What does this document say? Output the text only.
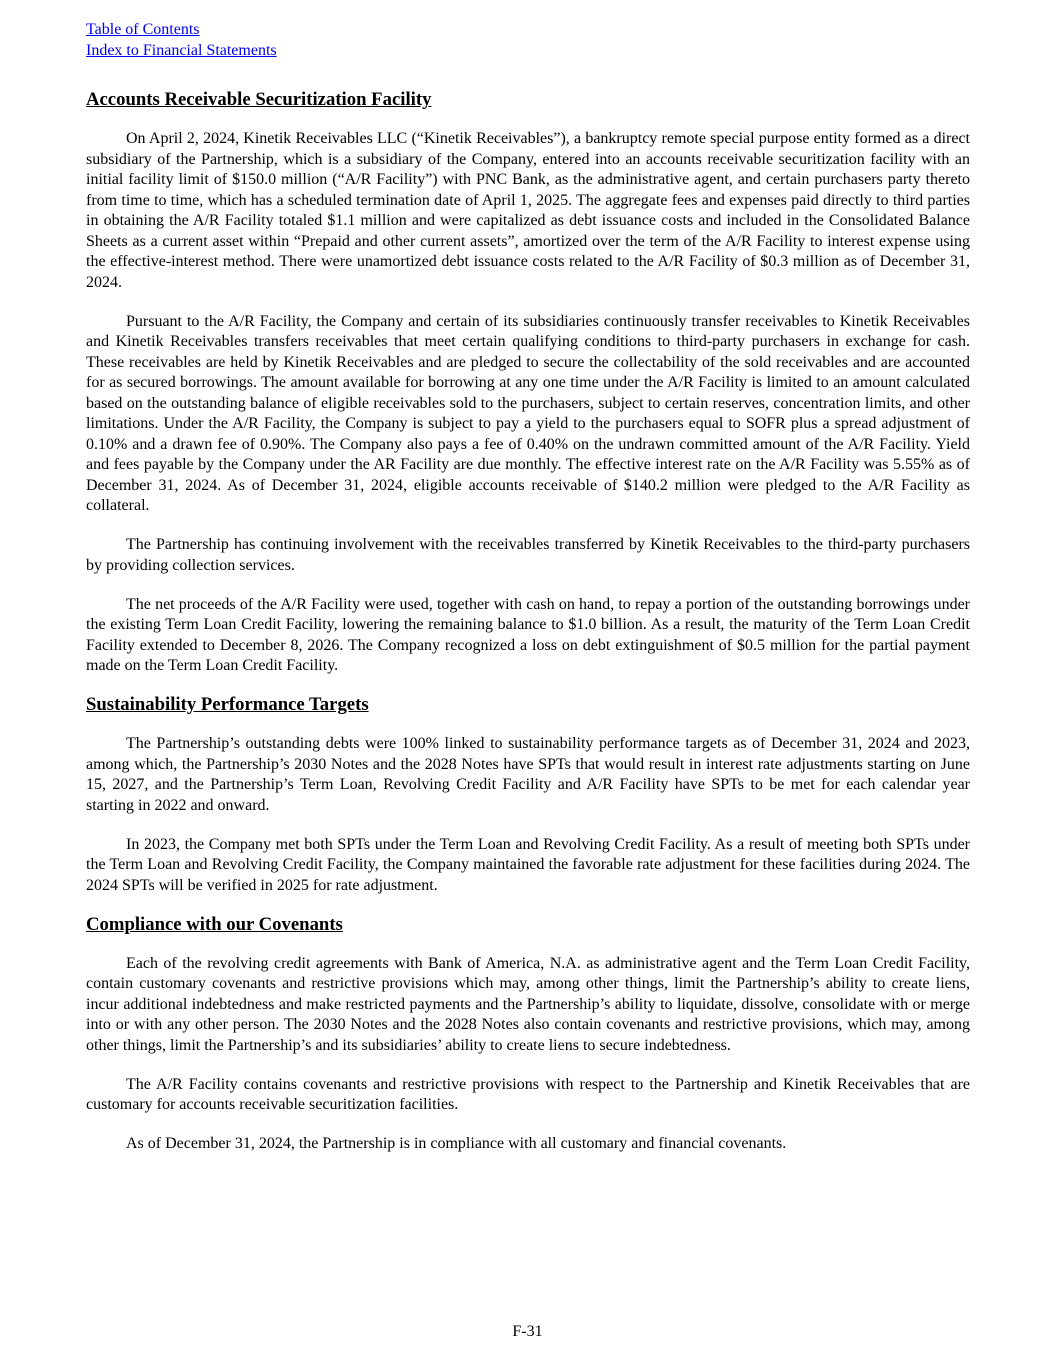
Table of Contents
Index to Financial Statements
Accounts Receivable Securitization Facility

On April 2, 2024, Kinetik Receivables LLC (“Kinetik Receivables”), a bankruptcy remote special purpose entity formed as a direct subsidiary of the Partnership, which is a subsidiary of the Company, entered into an accounts receivable securitization facility with an initial facility limit of $150.0 million (“A/R Facility”) with PNC Bank, as the administrative agent, and certain purchasers party thereto from time to time, which has a scheduled termination date of April 1, 2025. The aggregate fees and expenses paid directly to third parties in obtaining the A/R Facility totaled $1.1 million and were capitalized as debt issuance costs and included in the Consolidated Balance Sheets as a current asset within “Prepaid and other current assets”, amortized over the term of the A/R Facility to interest expense using the effective-interest method. There were unamortized debt issuance costs related to the A/R Facility of $0.3 million as of December 31, 2024.

Pursuant to the A/R Facility, the Company and certain of its subsidiaries continuously transfer receivables to Kinetik Receivables and Kinetik Receivables transfers receivables that meet certain qualifying conditions to third-party purchasers in exchange for cash. These receivables are held by Kinetik Receivables and are pledged to secure the collectability of the sold receivables and are accounted for as secured borrowings. The amount available for borrowing at any one time under the A/R Facility is limited to an amount calculated based on the outstanding balance of eligible receivables sold to the purchasers, subject to certain reserves, concentration limits, and other limitations. Under the A/R Facility, the Company is subject to pay a yield to the purchasers equal to SOFR plus a spread adjustment of 0.10% and a drawn fee of 0.90%. The Company also pays a fee of 0.40% on the undrawn committed amount of the A/R Facility. Yield and fees payable by the Company under the AR Facility are due monthly. The effective interest rate on the A/R Facility was 5.55% as of December 31, 2024. As of December 31, 2024, eligible accounts receivable of $140.2 million were pledged to the A/R Facility as collateral.

The Partnership has continuing involvement with the receivables transferred by Kinetik Receivables to the third-party purchasers by providing collection services.

The net proceeds of the A/R Facility were used, together with cash on hand, to repay a portion of the outstanding borrowings under the existing Term Loan Credit Facility, lowering the remaining balance to $1.0 billion. As a result, the maturity of the Term Loan Credit Facility extended to December 8, 2026. The Company recognized a loss on debt extinguishment of $0.5 million for the partial payment made on the Term Loan Credit Facility.

Sustainability Performance Targets

The Partnership’s outstanding debts were 100% linked to sustainability performance targets as of December 31, 2024 and 2023, among which, the Partnership’s 2030 Notes and the 2028 Notes have SPTs that would result in interest rate adjustments starting on June 15, 2027, and the Partnership’s Term Loan, Revolving Credit Facility and A/R Facility have SPTs to be met for each calendar year starting in 2022 and onward.

In 2023, the Company met both SPTs under the Term Loan and Revolving Credit Facility. As a result of meeting both SPTs under the Term Loan and Revolving Credit Facility, the Company maintained the favorable rate adjustment for these facilities during 2024. The 2024 SPTs will be verified in 2025 for rate adjustment.

Compliance with our Covenants

Each of the revolving credit agreements with Bank of America, N.A. as administrative agent and the Term Loan Credit Facility, contain customary covenants and restrictive provisions which may, among other things, limit the Partnership’s ability to create liens, incur additional indebtedness and make restricted payments and the Partnership’s ability to liquidate, dissolve, consolidate with or merge into or with any other person. The 2030 Notes and the 2028 Notes also contain covenants and restrictive provisions, which may, among other things, limit the Partnership’s and its subsidiaries’ ability to create liens to secure indebtedness.

The A/R Facility contains covenants and restrictive provisions with respect to the Partnership and Kinetik Receivables that are customary for accounts receivable securitization facilities.

As of December 31, 2024, the Partnership is in compliance with all customary and financial covenants.

F-31
